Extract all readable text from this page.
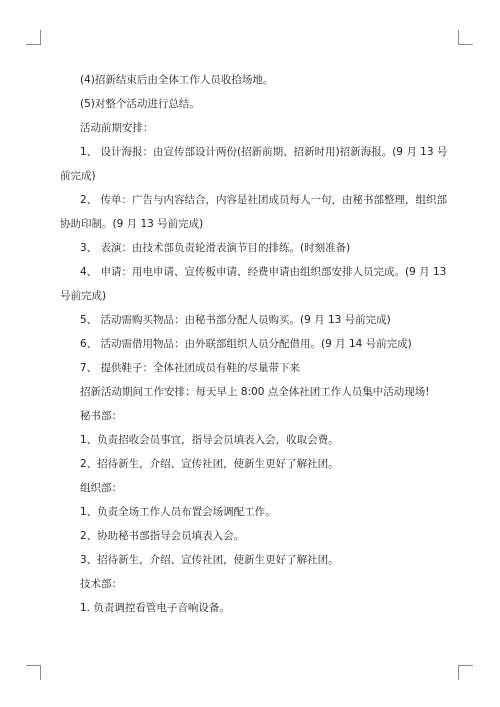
(4)招新结束后由全体工作人员收拾场地。

(5)对整个活动进行总结。

活动前期安排：

1、 设计海报：由宣传部设计两份(招新前期、招新时用)招新海报。(9 月 13 号
前完成)

2、 传单：广告与内容结合，内容是社团成员每人一句，由秘书部整理，组织部
协助印制。(9 月 13 号前完成)

3、 表演：由技术部负责轮滑表演节目的排练。(时刻准备)

4、 申请：用电申请、宣传板申请、经费申请由组织部安排人员完成。(9 月 13
号前完成)

5、 活动需购买物品：由秘书部分配人员购买。(9 月 13 号前完成)

6、 活动需借用物品：由外联部组织人员分配借用。(9 月 14 号前完成)

7、 提供鞋子：全体社团成员有鞋的尽量带下来

招新活动期间工作安排：每天早上 8:00 点全体社团工作人员集中活动现场!

秘书部：

1、负责招收会员事宜，指导会员填表入会，收取会费。

2、招待新生，介绍、宣传社团，使新生更好了解社团。

组织部：

1、负责全场工作人员布置会场调配工作。

2、协助秘书部指导会员填表入会。

3、招待新生，介绍、宣传社团，使新生更好了解社团。

技术部：

1. 负责调控看管电子音响设备。
